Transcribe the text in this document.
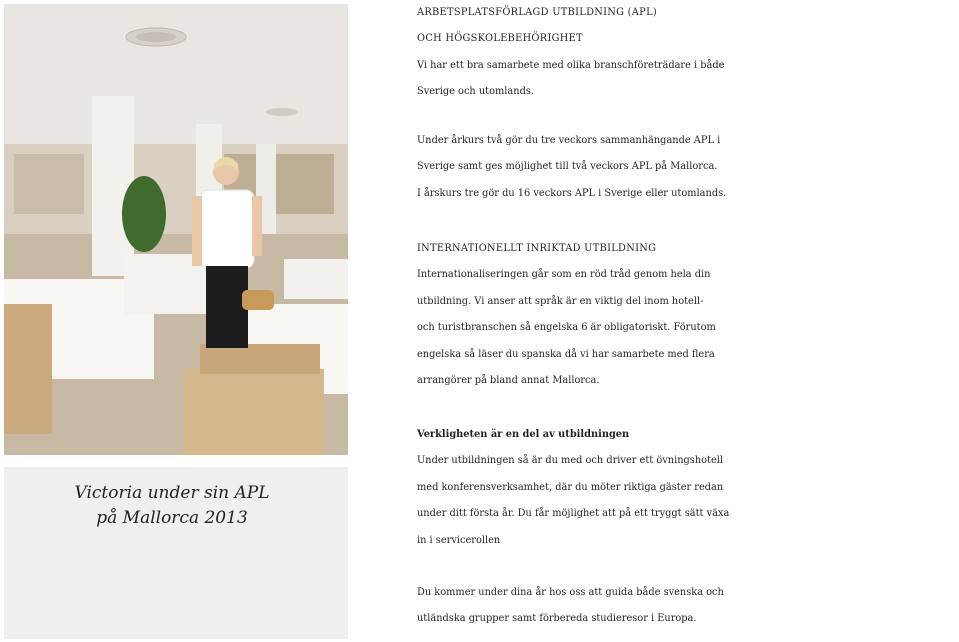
Victoria under sin APL
på Mallorca 2013
ARBETSPLATSFÖRLAGD UTBILDNING (APL)
OCH HÖGSKOLEBEHÖRIGHET
Vi har ett bra samarbete med olika branschföreträdare i både
Sverige och utomlands.
Under årkurs två gör du tre veckors sammanhängande APL i
Sverige samt ges möjlighet till två veckors APL på Mallorca.
I årskurs tre gör du 16 veckors APL i Sverige eller utomlands.
INTERNATIONELLT INRIKTAD UTBILDNING
Internationaliseringen går som en röd tråd genom hela din
utbildning. Vi anser att språk är en viktig del inom hotell-
och turistbranschen så engelska 6 är obligatoriskt. Förutom
engelska så läser du spanska då vi har samarbete med flera
arrangörer på bland annat Mallorca.
Verkligheten är en del av utbildningen
Under utbildningen så är du med och driver ett övningshotell
med konferensverksamhet, där du möter riktiga gäster redan
under ditt första år. Du får möjlighet att på ett tryggt sätt växa
in i servicerollen
Du kommer under dina år hos oss att guida både svenska och
utländska grupper samt förbereda studieresor i Europa.
